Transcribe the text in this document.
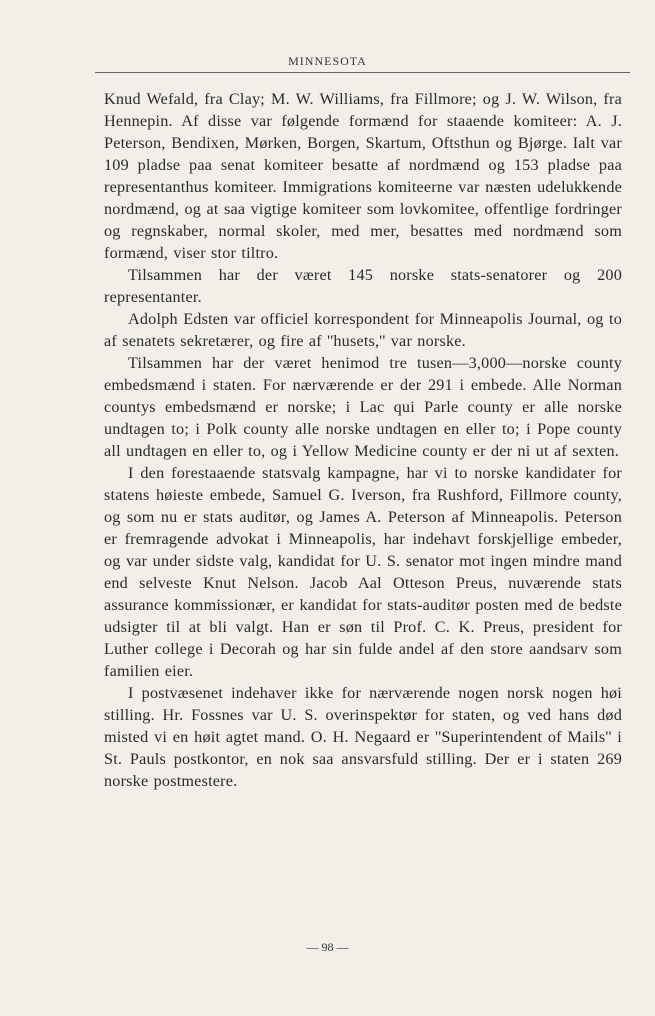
MINNESOTA

Knud Wefald, fra Clay; M. W. Williams, fra Fillmore; og J. W. Wilson, fra Hennepin. Af disse var følgende formænd for staaende komiteer: A. J. Peterson, Bendixen, Mørken, Borgen, Skartum, Oftsthun og Bjørge. Ialt var 109 pladse paa senat komiteer besatte af nordmænd og 153 pladse paa representanthus komiteer. Immigrations komiteerne var næsten udelukkende nordmænd, og at saa vigtige komiteer som lovkomitee, offentlige fordringer og regnskaber, normal skoler, med mer, besattes med nordmænd som formænd, viser stor tiltro.

Tilsammen har der været 145 norske stats-senatorer og 200 representanter.

Adolph Edsten var officiel korrespondent for Minneapolis Journal, og to af senatets sekretærer, og fire af ''husets,'' var norske.

Tilsammen har der været henimod tre tusen—3,000—norske county embedsmænd i staten. For nærværende er der 291 i embede. Alle Norman countys embedsmænd er norske; i Lac qui Parle county er alle norske undtagen to; i Polk county alle norske undtagen en eller to; i Pope county all undtagen en eller to, og i Yellow Medicine county er der ni ut af sexten.

I den forestaaende statsvalg kampagne, har vi to norske kandidater for statens høieste embede, Samuel G. Iverson, fra Rushford, Fillmore county, og som nu er stats auditør, og James A. Peterson af Minneapolis. Peterson er fremragende advokat i Minneapolis, har indehavt forskjellige embeder, og var under sidste valg, kandidat for U. S. senator mot ingen mindre mand end selveste Knut Nelson. Jacob Aal Otteson Preus, nuværende stats assurance kommissionær, er kandidat for stats-auditør posten med de bedste udsigter til at bli valgt. Han er søn til Prof. C. K. Preus, president for Luther college i Decorah og har sin fulde andel af den store aandsarv som familien eier.

I postvæsenet indehaver ikke for nærværende nogen norsk nogen høi stilling. Hr. Fossnes var U. S. overinspektør for staten, og ved hans død misted vi en høit agtet mand. O. H. Negaard er ''Superintendent of Mails'' i St. Pauls postkontor, en nok saa ansvarsfuld stilling. Der er i staten 269 norske postmestere.

— 98 —
